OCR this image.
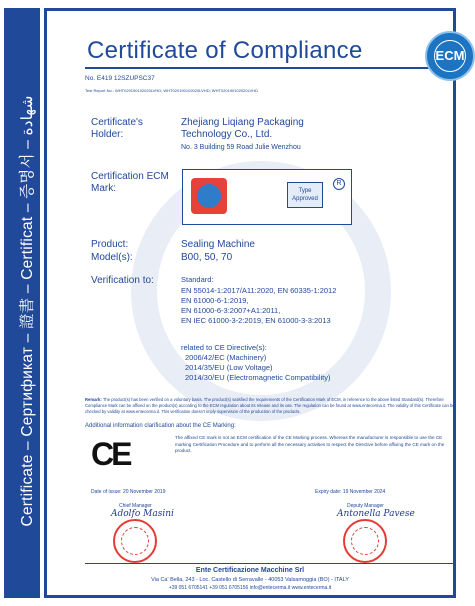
Certificate – Сертификат – 證書 – Certificat – 증명서 – شهادة
Certificate of Compliance	ECM
No. E419 12SZUPSC37
Test Report No.: WHT020190102020LVHD; WHT020190102020LVHD; WHT020190102020LVHD
Certificate's
Holder:
Zhejiang Liqiang Packaging
Technology Co., Ltd.
No. 3 Building 59 Road Julie Wenzhou
Certification ECM
Mark:	Type
Approved
R
Product:	Sealing Machine
Model(s):	B00, 50, 70
Verification to:	Standard:
EN 55014-1:2017/A11:2020, EN 60335-1:2012
EN 61000-6-1:2019,
EN 61000-6-3:2007+A1:2011,
EN IEC 61000-3-2:2019, EN 61000-3-3:2013
related to CE Directive(s):
2006/42/EC (Machinery)
2014/35/EU (Low Voltage)
2014/30/EU (Electromagnetic Compatibility)
Remark: The product(s) has been verified on a voluntary basis. The product(s) satisfied the requirements of the Certification Mark of ECM, in reference to the above listed Standard(s). Therefore Compliance Mark can be affixed on the product(s) according to the ECM regulation about its release and its use. The regulation can be found at www.entecerma.it. The validity of this Certificate can be checked by validity at www.entecerma.it. This verification doesn't imply supervision of the production of the products.
Additional information clarification about the CE Marking:
CE	The affixed CE mark is not an ECM certification of the CE Marking process. Whereas the manufacturer is responsible to use the CE marking Certification Procedure and to perform all the necessary activities to respect the Directive before affixing the CE mark on the product.
Date of issue: 20 November 2019	Expiry date: 19 November 2024
Chief Manager
Adolfo Masini
Deputy Manager
Antonella Pavese
Ente Certificazione Macchine Srl
Via Ca' Bella, 243 - Loc. Castello di Serravalle - 40053 Valsamoggia (BO) - ITALY
+39 051 6705141 +39 051 6705156 info@entecerma.it www.entecerma.it
